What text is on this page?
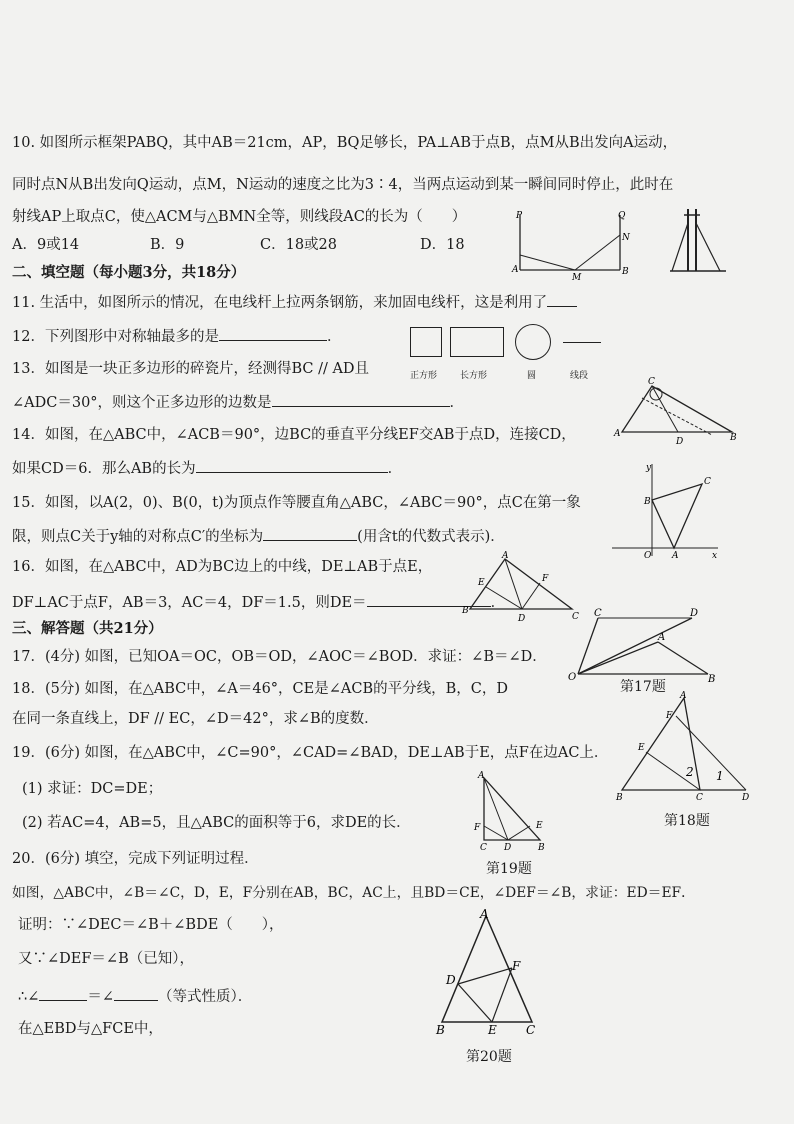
10. 如图所示框架PABQ，其中AB＝21cm，AP，BQ足够长，PA⊥AB于点B，点M从B出发向A运动，
同时点N从B出发向Q运动，点M，N运动的速度之比为3∶4，当两点运动到某一瞬间同时停止，此时在
射线AP上取点C，使△ACM与△BMN全等，则线段AC的长为（　　）
A．9或14	B．9	C．18或28	D．18
P	Q
N
A
M
B
二、填空题（每小题3分，共18分）
11. 生活中，如图所示的情况，在电线杆上拉两条钢筋，来加固电线杆，这是利用了
12．下列图形中对称轴最多的是	．
正方形	长方形	圆	线段
13．如图是一块正多边形的碎瓷片，经测得BC // AD且
∠ADC＝30°，则这个正多边形的边数是	．
C
A
D	B
14．如图，在△ABC中，∠ACB＝90°，边BC的垂直平分线EF交AB于点D，连接CD，
如果CD＝6．那么AB的长为	．
15．如图，以A(2，0)、B(0，t)为顶点作等腰直角△ABC，∠ABC＝90°，点C在第一象
限，则点C关于y轴的对称点C′的坐标为	(用含t的代数式表示)．
y
C
B
O A	x
16．如图，在△ABC中，AD为BC边上的中线，DE⊥AB于点E，
DF⊥AC于点F，AB＝3，AC＝4，DF＝1.5，则DE＝	．
A
E	F
B
D	C
三、解答题（共21分）
17．(4分) 如图，已知OA＝OC，OB＝OD，∠AOC＝∠BOD．求证：∠B＝∠D．
C	D
A
O	B
第17题
18．(5分) 如图，在△ABC中，∠A＝46°，CE是∠ACB的平分线，B，C，D
在同一条直线上，DF // EC，∠D＝42°，求∠B的度数．
A
F
E
2 1
B	C	D
第18题
19．(6分) 如图，在△ABC中，∠C=90°，∠CAD=∠BAD，DE⊥AB于E，点F在边AC上．
(1) 求证：DC=DE；
(2) 若AC=4，AB=5，且△ABC的面积等于6，求DE的长．
A
F	E
C D	B
第19题
20．(6分) 填空，完成下列证明过程．
如图，△ABC中，∠B＝∠C，D，E，F分别在AB，BC，AC上，且BD＝CE，∠DEF＝∠B，求证：ED＝EF．
证明：∵∠DEC＝∠B＋∠BDE（　　），
又∵∠DEF＝∠B（已知），
∴∠	＝∠	（等式性质）．
在△EBD与△FCE中，
A
D
F
B	E C
第20题
